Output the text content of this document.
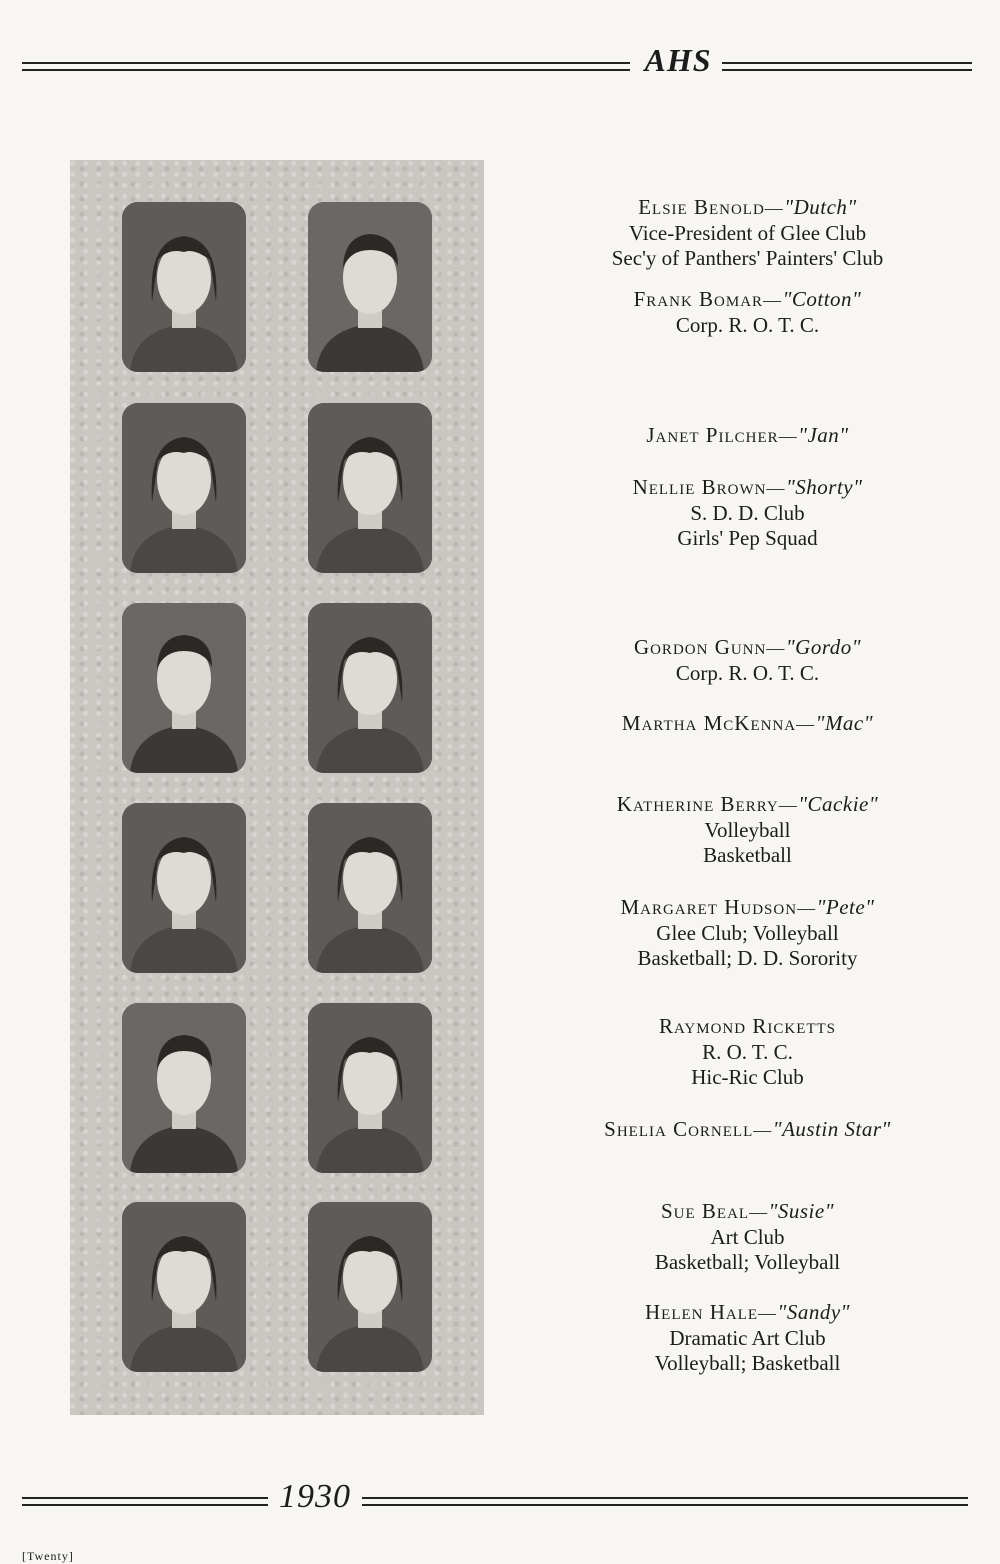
AHS
Elsie Benold—"Dutch"
Vice-President of Glee Club
Sec'y of Panthers' Painters' Club
Frank Bomar—"Cotton"
Corp. R. O. T. C.
Janet Pilcher—"Jan"
Nellie Brown—"Shorty"
S. D. D. Club
Girls' Pep Squad
Gordon Gunn—"Gordo"
Corp. R. O. T. C.
Martha McKenna—"Mac"
Katherine Berry—"Cackie"
Volleyball
Basketball
Margaret Hudson—"Pete"
Glee Club; Volleyball
Basketball; D. D. Sorority
Raymond Ricketts
R. O. T. C.
Hic-Ric Club
Shelia Cornell—"Austin Star"
Sue Beal—"Susie"
Art Club
Basketball; Volleyball
Helen Hale—"Sandy"
Dramatic Art Club
Volleyball; Basketball
1930
[Twenty]
